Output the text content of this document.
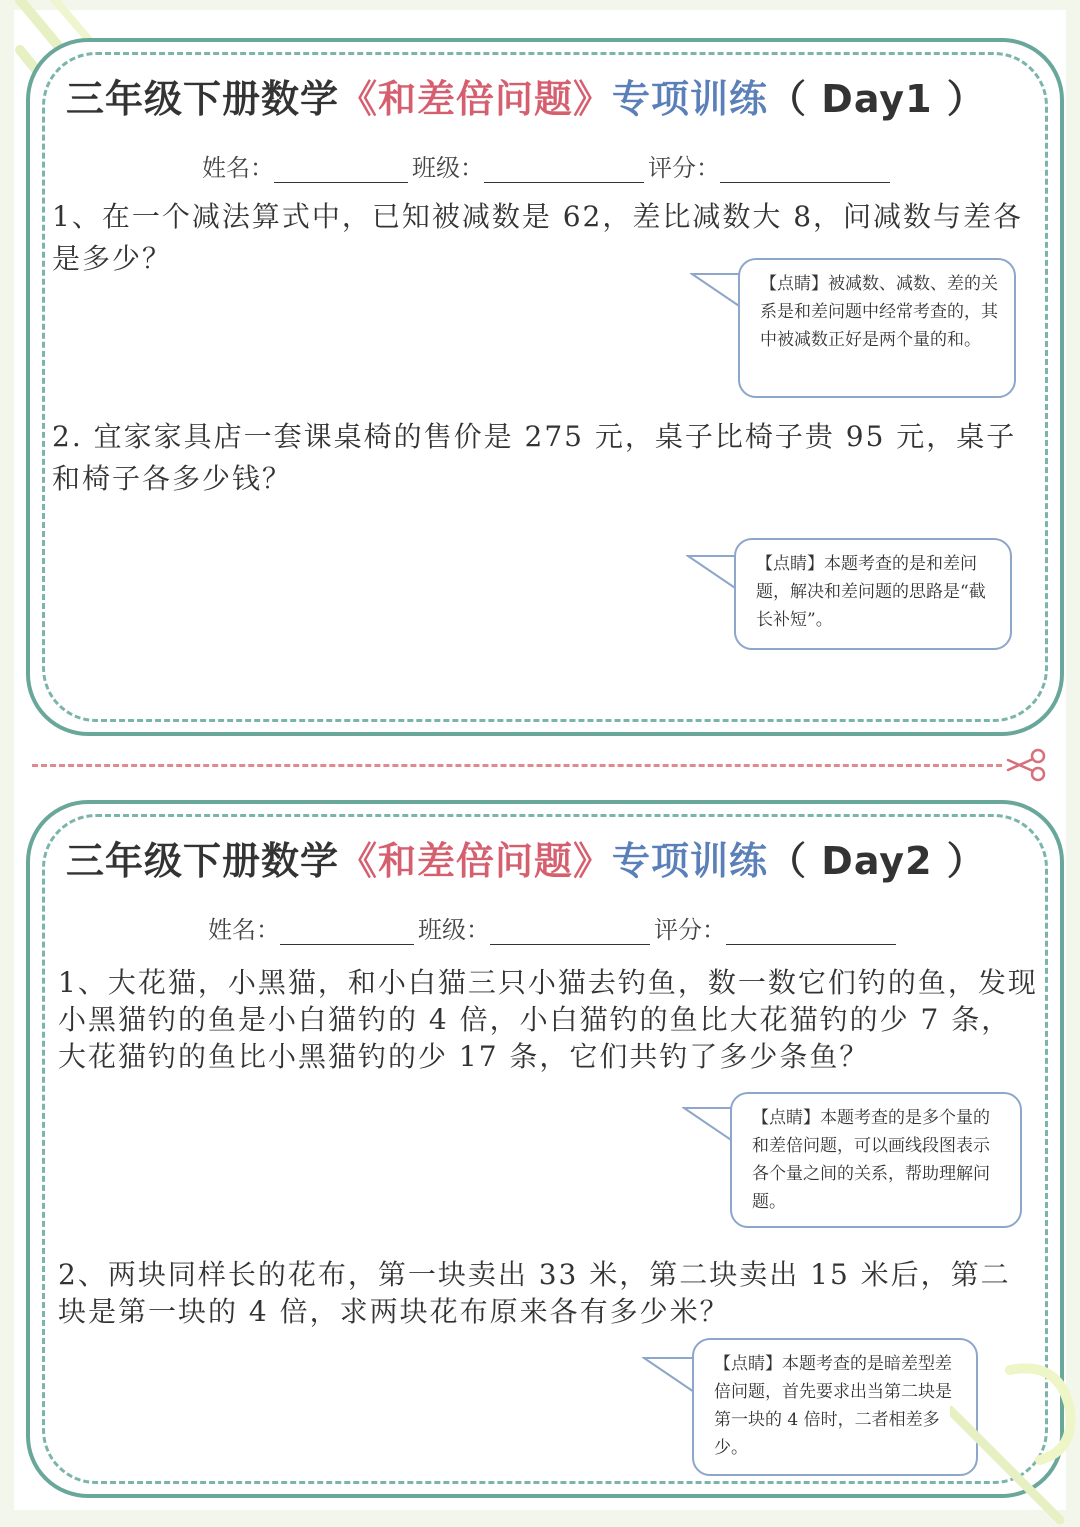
三年级下册数学《和差倍问题》专项训练（ Day1 ）
姓名：	班级：	评分：
1、在一个减法算式中，已知被减数是 62，差比减数大 8，问减数与差各是多少？
【点睛】被减数、减数、差的关系是和差问题中经常考查的，其中被减数正好是两个量的和。
2. 宜家家具店一套课桌椅的售价是 275 元，桌子比椅子贵 95 元，桌子和椅子各多少钱？
【点睛】本题考查的是和差问题，解决和差问题的思路是“截长补短”。
三年级下册数学《和差倍问题》专项训练（ Day2 ）
姓名：	班级：	评分：
1、大花猫，小黑猫，和小白猫三只小猫去钓鱼，数一数它们钓的鱼，发现小黑猫钓的鱼是小白猫钓的 4 倍，小白猫钓的鱼比大花猫钓的少 7 条，大花猫钓的鱼比小黑猫钓的少 17 条，它们共钓了多少条鱼？
【点睛】本题考查的是多个量的和差倍问题，可以画线段图表示各个量之间的关系，帮助理解问题。
2、两块同样长的花布，第一块卖出 33 米，第二块卖出 15 米后，第二块是第一块的 4 倍，求两块花布原来各有多少米？
【点睛】本题考查的是暗差型差倍问题，首先要求出当第二块是第一块的 4 倍时，二者相差多少。
